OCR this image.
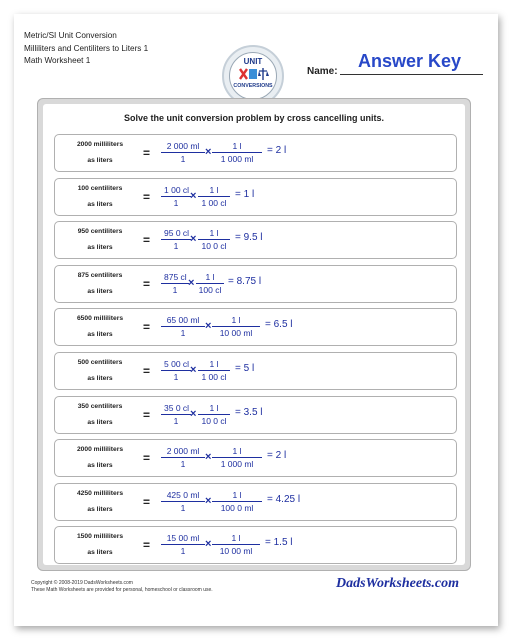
Metric/SI Unit Conversion
Milliliters and Centiliters to Liters 1
Math Worksheet 1	UNIT
CONVERSIONS
Name:
Answer Key
Solve the unit conversion problem by cross cancelling units.
2000 milliliters
as liters
= $\frac{2 000 ml}{1} \times \frac{1 l}{1 000 ml} = 2$ l
100 centiliters
as liters
= $\frac{1 00 cl}{1} \times \frac{1 l}{1 00 cl} = 1$ l
950 centiliters
as liters
= $\frac{95 0 cl}{1} \times \frac{1 l}{10 0 cl} = 9.5$ l
875 centiliters
as liters
= $\frac{875 cl}{1} \times \frac{1 l}{100 cl} = 8.75$ l
6500 milliliters
as liters
= $\frac{65 00 ml}{1} \times \frac{1 l}{10 00 ml} = 6.5$ l
500 centiliters
as liters
= $\frac{5 00 cl}{1} \times \frac{1 l}{1 00 cl} = 5$ l
350 centiliters
as liters
= $\frac{35 0 cl}{1} \times \frac{1 l}{10 0 cl} = 3.5$ l
2000 milliliters
as liters
= $\frac{2 000 ml}{1} \times \frac{1 l}{1 000 ml} = 2$ l
4250 milliliters
as liters
= $\frac{425 0 ml}{1} \times \frac{1 l}{100 0 ml} = 4.25$ l
1500 milliliters
as liters
= $\frac{15 00 ml}{1} \times \frac{1 l}{10 00 ml} = 1.5$ l
Copyright © 2008-2019 DadsWorksheets.com
These Math Worksheets are provided for personal, homeschool or classroom use.	DadsWorksheets.com
